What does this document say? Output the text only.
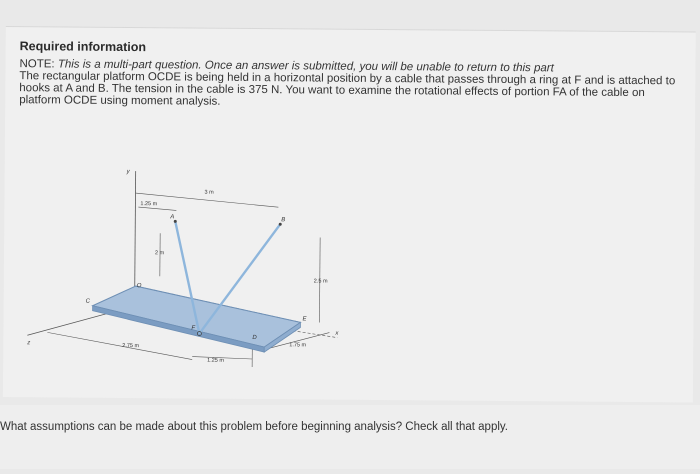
Required information
NOTE: This is a multi-part question. Once an answer is submitted, you will be unable to return to this part
The rectangular platform OCDE is being held in a horizontal position by a cable that passes through a ring at F and is attached to hooks at A and B. The tension in the cable is 375 N. You want to examine the rotational effects of portion FA of the cable on platform OCDE using moment analysis.
y
x
z
O
C
D
E
F
A	B
3 m
1.25 m
2 m
2.5 m
2.75 m
1.25 m
1.75 m
What assumptions can be made about this problem before beginning analysis? Check all that apply.
